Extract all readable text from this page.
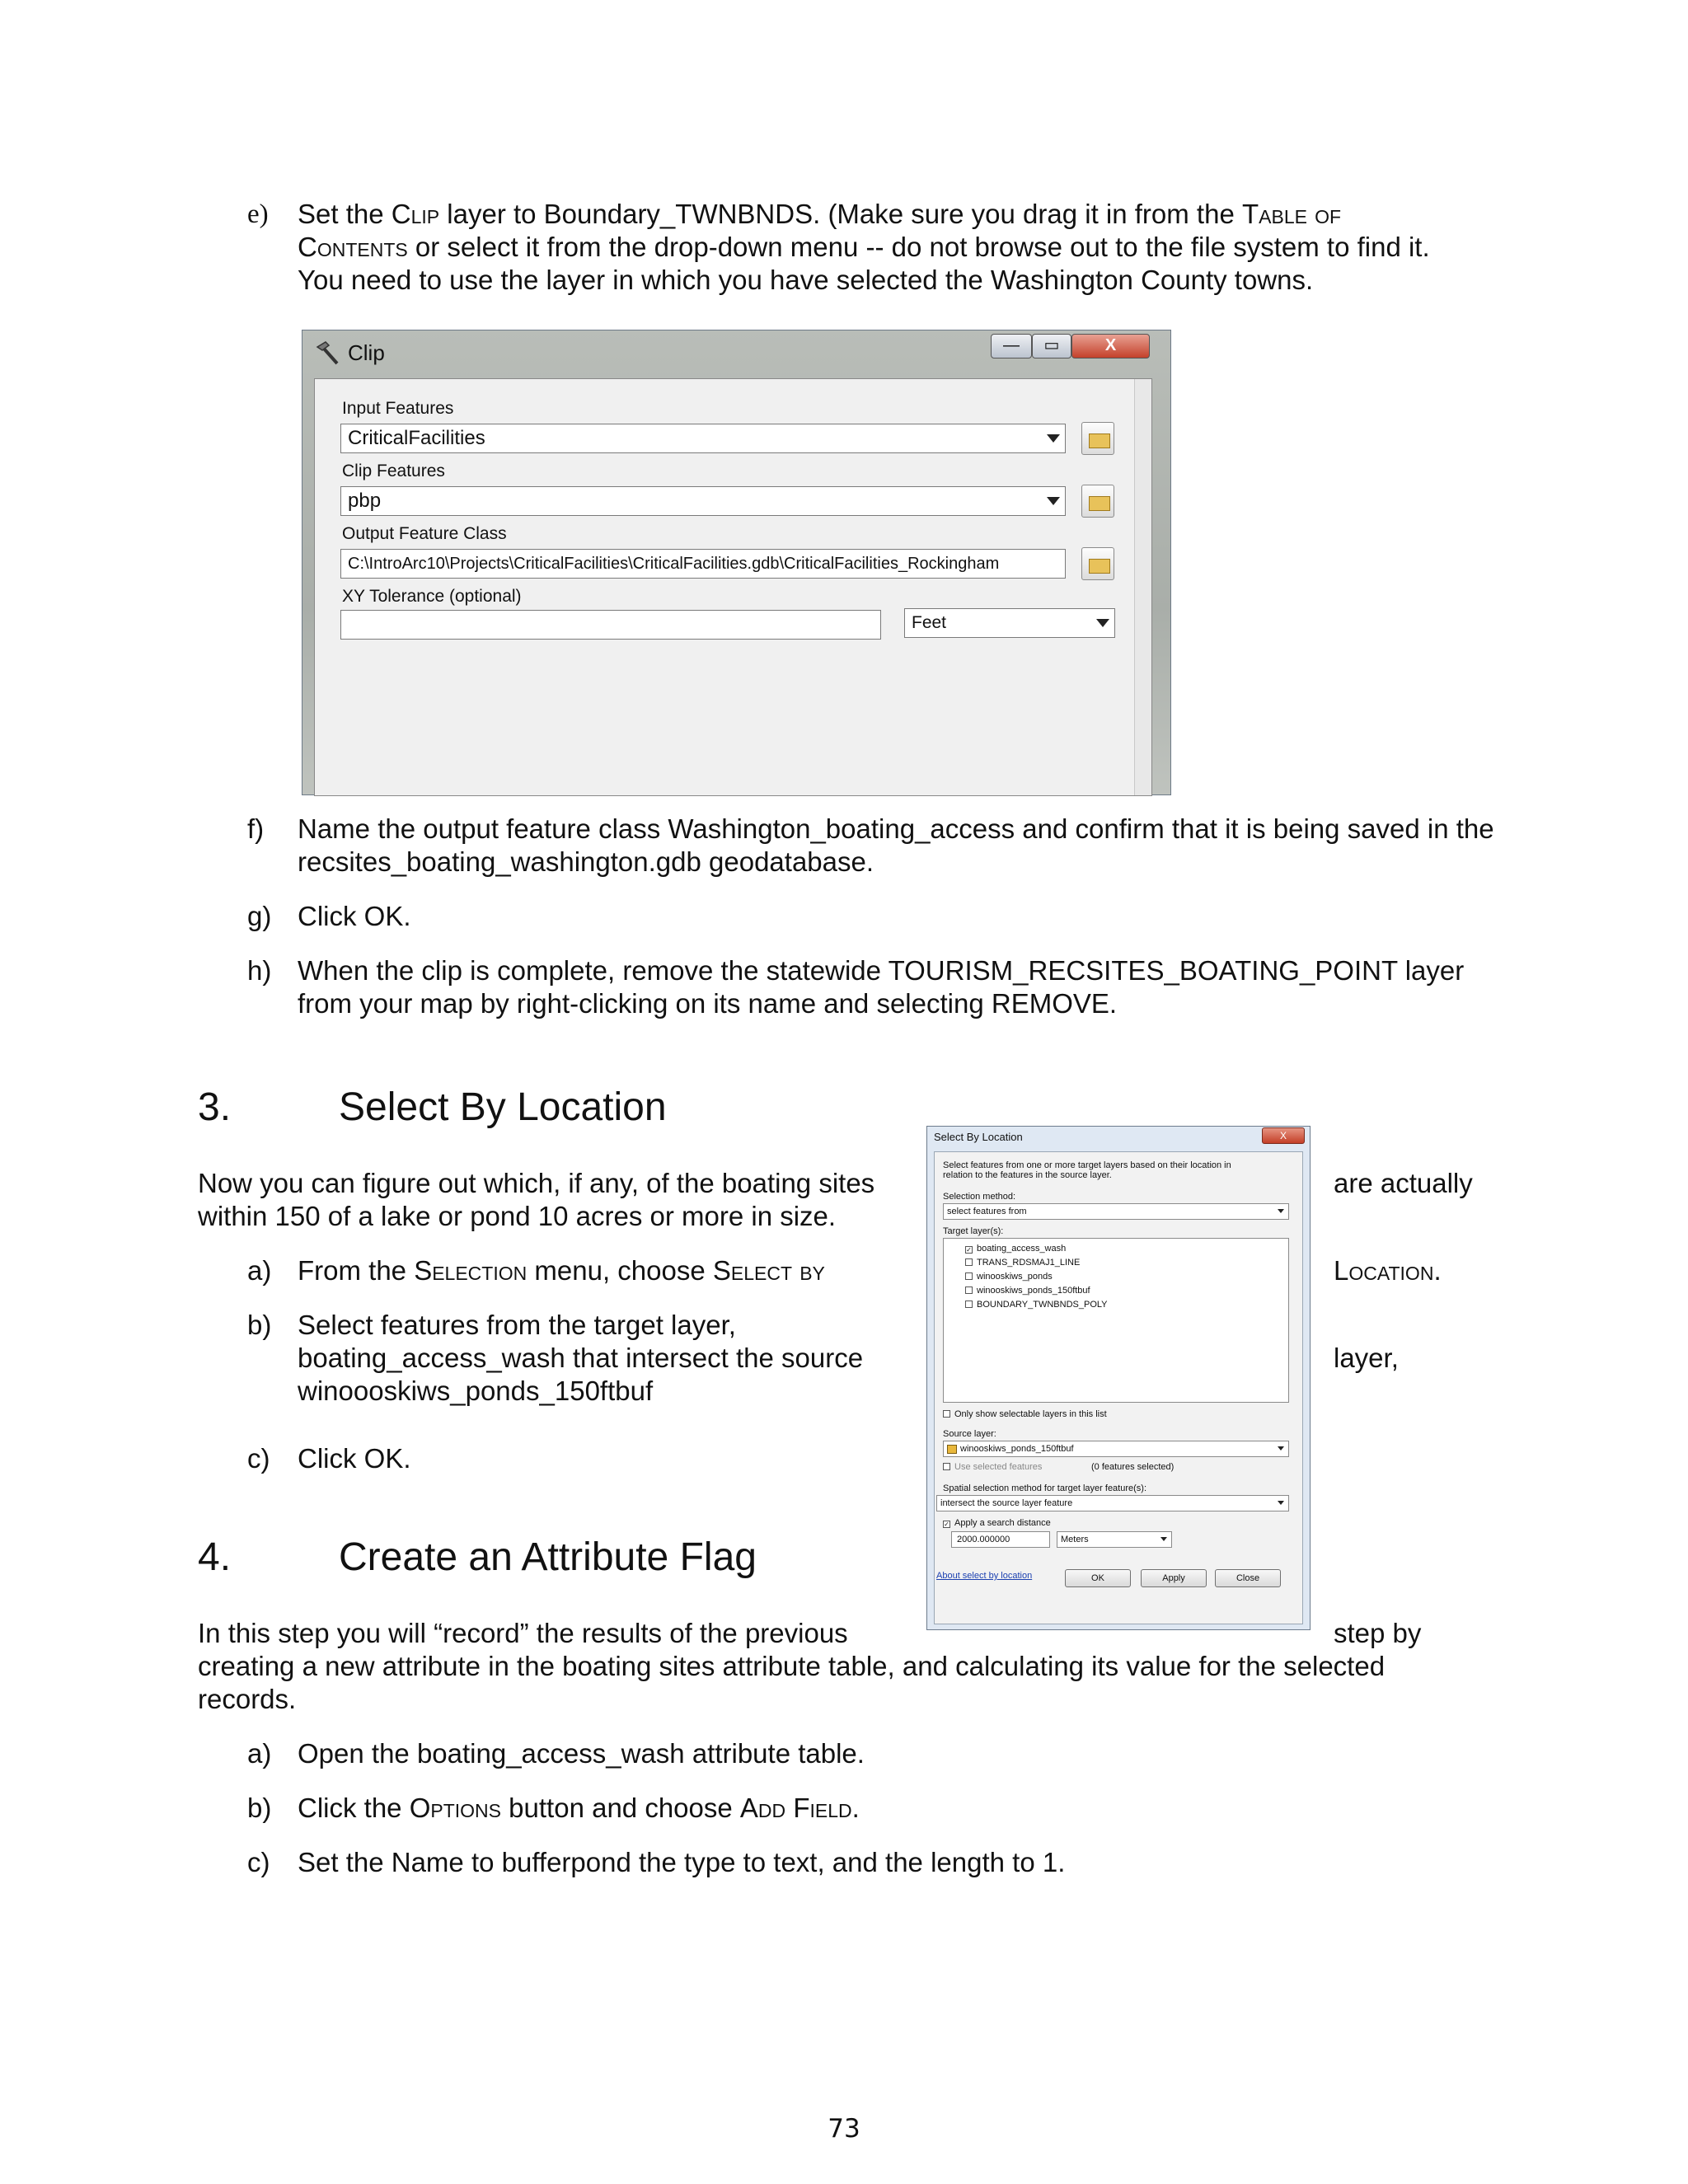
e) Set the Clip layer to Boundary_TWNBNDS. (Make sure you drag it in from the Table of
Contents or select it from the drop-down menu -- do not browse out to the file system to find it.
You need to use the layer in which you have selected the Washington County towns.
Clip	—	▭	X
Input Features
CriticalFacilities
Clip Features
pbp
Output Feature Class
C:\IntroArc10\Projects\CriticalFacilities\CriticalFacilities.gdb\CriticalFacilities_Rockingham
XY Tolerance (optional)
Feet
f) Name the output feature class Washington_boating_access and confirm that it is being saved in the
recsites_boating_washington.gdb geodatabase.
g) Click OK.
h) When the clip is complete, remove the statewide TOURISM_RECSITES_BOATING_POINT layer
from your map by right-clicking on its name and selecting REMOVE.
3.	Select By Location
Now you can figure out which, if any, of the boating sites	are actually
within 150 of a lake or pond 10 acres or more in size.
a) From the Selection menu, choose Select by	Location.
b) Select features from the target layer,
boating_access_wash that intersect the source	layer,
winoooskiws_ponds_150ftbuf
c) Click OK.
Select By Location	X
Select features from one or more target layers based on their location in
relation to the features in the source layer.
Selection method:
select features from
Target layer(s):
✓ boating_access_wash
TRANS_RDSMAJ1_LINE
winooskiws_ponds
winooskiws_ponds_150ftbuf
BOUNDARY_TWNBNDS_POLY
Only show selectable layers in this list
Source layer:
winooskiws_ponds_150ftbuf
Use selected features	(0 features selected)
Spatial selection method for target layer feature(s):
intersect the source layer feature
✓ Apply a search distance
2000.000000	Meters
About select by location	OK	Apply	Close
4.	Create an Attribute Flag
In this step you will “record” the results of the previous	step by
creating a new attribute in the boating sites attribute table, and calculating its value for the selected
records.
a) Open the boating_access_wash attribute table.
b) Click the Options button and choose Add Field.
c) Set the Name to bufferpond the type to text, and the length to 1.
73
